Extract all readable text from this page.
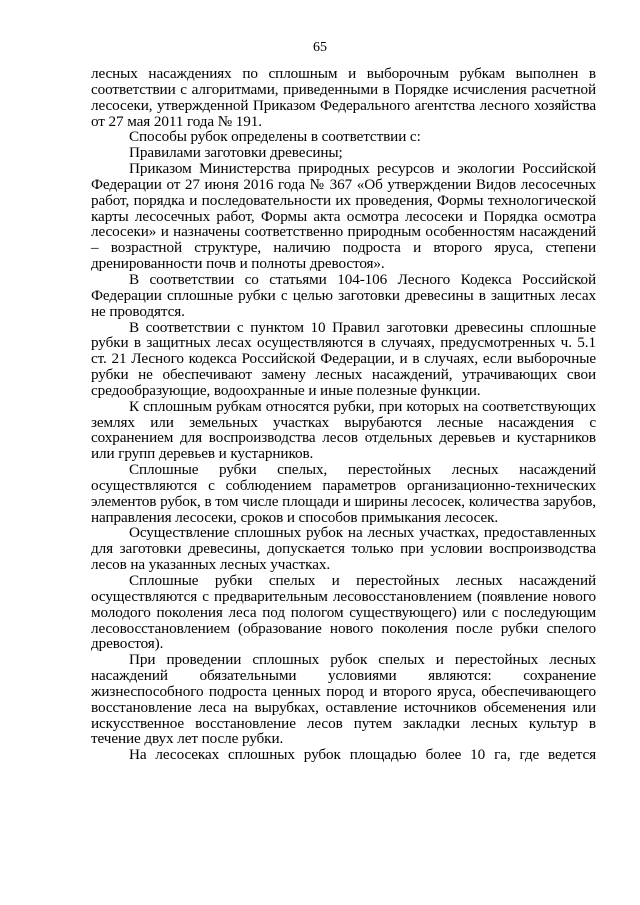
65

лесных насаждениях по сплошным и выборочным рубкам выполнен в соответствии с алгоритмами, приведенными в Порядке исчисления расчетной лесосеки, утвержденной Приказом Федерального агентства лесного хозяйства от 27 мая 2011 года № 191.

Способы рубок определены в соответствии с:

Правилами заготовки древесины;

Приказом Министерства природных ресурсов и экологии Российской Федерации от 27 июня 2016 года № 367 «Об утверждении Видов лесосечных работ, порядка и последовательности их проведения, Формы технологической карты лесосечных работ, Формы акта осмотра лесосеки и Порядка осмотра лесосеки» и назначены соответственно природным особенностям насаждений – возрастной структуре, наличию подроста и второго яруса, степени дренированности почв и полноты древостоя».

В соответствии со статьями 104-106 Лесного Кодекса Российской Федерации сплошные рубки с целью заготовки древесины в защитных лесах не проводятся.

В соответствии с пунктом 10 Правил заготовки древесины сплошные рубки в защитных лесах осуществляются в случаях, предусмотренных ч. 5.1 ст. 21 Лесного кодекса Российской Федерации, и в случаях, если выборочные рубки не обеспечивают замену лесных насаждений, утрачивающих свои средообразующие, водоохранные и иные полезные функции.

К сплошным рубкам относятся рубки, при которых на соответствующих землях или земельных участках вырубаются лесные насаждения с сохранением для воспроизводства лесов отдельных деревьев и кустарников или групп деревьев и кустарников.

Сплошные рубки спелых, перестойных лесных насаждений осуществляются с соблюдением параметров организационно-технических элементов рубок, в том числе площади и ширины лесосек, количества зарубов, направления лесосеки, сроков и способов примыкания лесосек.

Осуществление сплошных рубок на лесных участках, предоставленных для заготовки древесины, допускается только при условии воспроизводства лесов на указанных лесных участках.

Сплошные рубки спелых и перестойных лесных насаждений осуществляются с предварительным лесовосстановлением (появление нового молодого поколения леса под пологом существующего) или с последующим лесовосстановлением (образование нового поколения после рубки спелого древостоя).

При проведении сплошных рубок спелых и перестойных лесных насаждений обязательными условиями являются: сохранение жизнеспособного подроста ценных пород и второго яруса, обеспечивающего восстановление леса на вырубках, оставление источников обсеменения или искусственное восстановление лесов путем закладки лесных культур в течение двух лет после рубки.

На лесосеках сплошных рубок площадью более 10 га, где ведется
